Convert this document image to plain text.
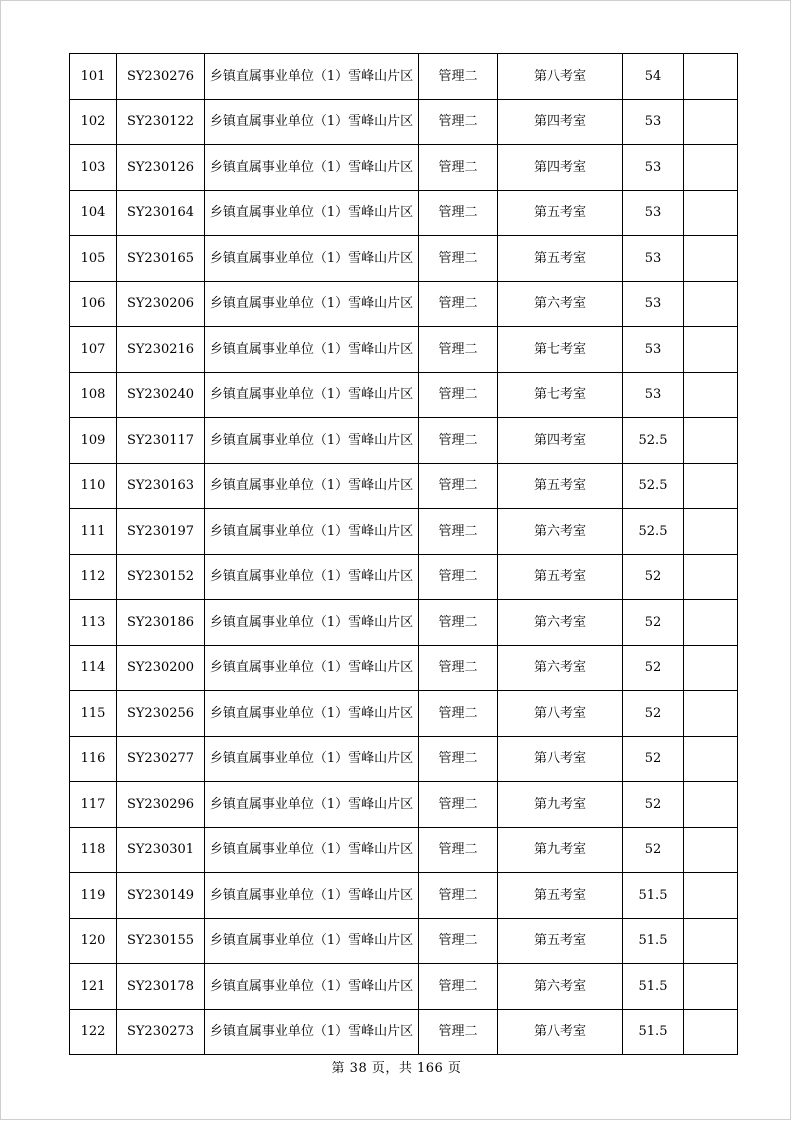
101	SY230276	乡镇直属事业单位（1）雪峰山片区	管理二	第八考室	54	
102	SY230122	乡镇直属事业单位（1）雪峰山片区	管理二	第四考室	53	
103	SY230126	乡镇直属事业单位（1）雪峰山片区	管理二	第四考室	53	
104	SY230164	乡镇直属事业单位（1）雪峰山片区	管理二	第五考室	53	
105	SY230165	乡镇直属事业单位（1）雪峰山片区	管理二	第五考室	53	
106	SY230206	乡镇直属事业单位（1）雪峰山片区	管理二	第六考室	53	
107	SY230216	乡镇直属事业单位（1）雪峰山片区	管理二	第七考室	53	
108	SY230240	乡镇直属事业单位（1）雪峰山片区	管理二	第七考室	53	
109	SY230117	乡镇直属事业单位（1）雪峰山片区	管理二	第四考室	52.5	
110	SY230163	乡镇直属事业单位（1）雪峰山片区	管理二	第五考室	52.5	
111	SY230197	乡镇直属事业单位（1）雪峰山片区	管理二	第六考室	52.5	
112	SY230152	乡镇直属事业单位（1）雪峰山片区	管理二	第五考室	52	
113	SY230186	乡镇直属事业单位（1）雪峰山片区	管理二	第六考室	52	
114	SY230200	乡镇直属事业单位（1）雪峰山片区	管理二	第六考室	52	
115	SY230256	乡镇直属事业单位（1）雪峰山片区	管理二	第八考室	52	
116	SY230277	乡镇直属事业单位（1）雪峰山片区	管理二	第八考室	52	
117	SY230296	乡镇直属事业单位（1）雪峰山片区	管理二	第九考室	52	
118	SY230301	乡镇直属事业单位（1）雪峰山片区	管理二	第九考室	52	
119	SY230149	乡镇直属事业单位（1）雪峰山片区	管理二	第五考室	51.5	
120	SY230155	乡镇直属事业单位（1）雪峰山片区	管理二	第五考室	51.5	
121	SY230178	乡镇直属事业单位（1）雪峰山片区	管理二	第六考室	51.5	
122	SY230273	乡镇直属事业单位（1）雪峰山片区	管理二	第八考室	51.5	
第 38 页，共 166 页
